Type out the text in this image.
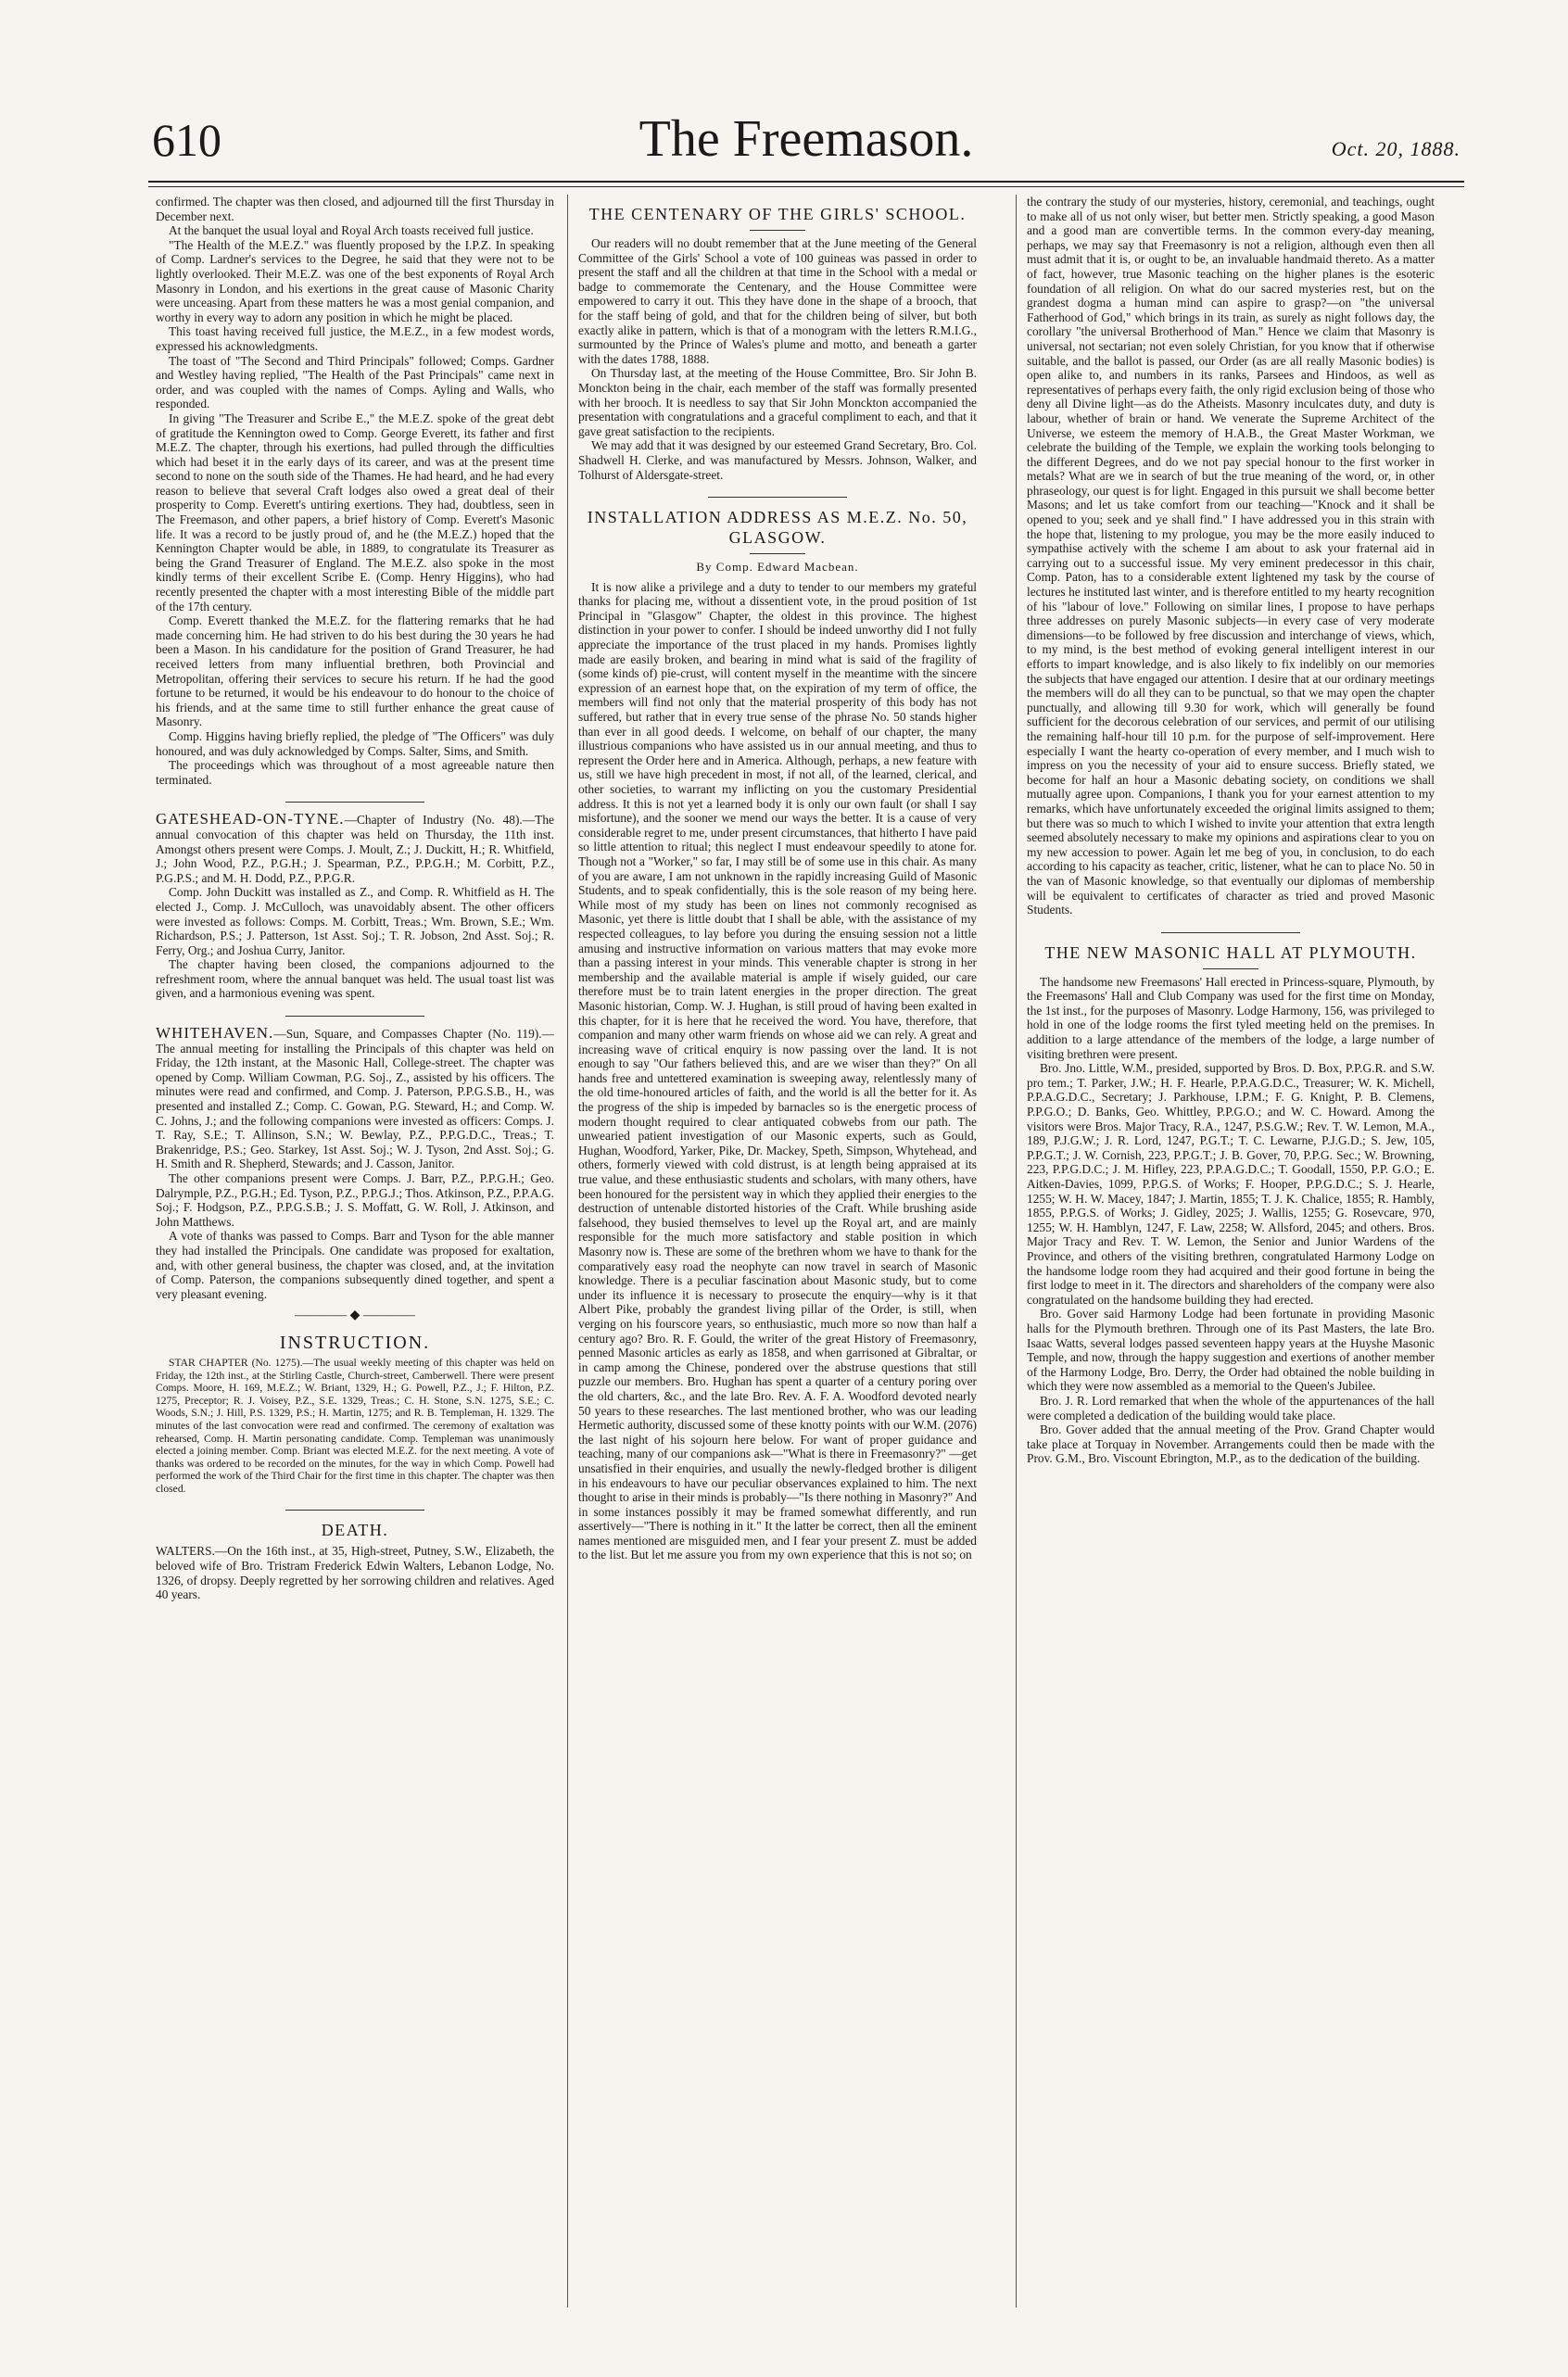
610	The Freemason.	Oct. 20, 1888.

confirmed. The chapter was then closed, and adjourned till the first Thursday in December next.

At the banquet the usual loyal and Royal Arch toasts received full justice.

"The Health of the M.E.Z." was fluently proposed by the I.P.Z. In speaking of Comp. Lardner's services to the Degree, he said that they were not to be lightly overlooked. Their M.E.Z. was one of the best exponents of Royal Arch Masonry in London, and his exertions in the great cause of Masonic Charity were unceasing. Apart from these matters he was a most genial companion, and worthy in every way to adorn any position in which he might be placed.

This toast having received full justice, the M.E.Z., in a few modest words, expressed his acknowledgments.

The toast of "The Second and Third Principals" followed; Comps. Gardner and Westley having replied, "The Health of the Past Principals" came next in order, and was coupled with the names of Comps. Ayling and Walls, who responded.

In giving "The Treasurer and Scribe E.," the M.E.Z. spoke of the great debt of gratitude the Kennington owed to Comp. George Everett, its father and first M.E.Z. The chapter, through his exertions, had pulled through the difficulties which had beset it in the early days of its career, and was at the present time second to none on the south side of the Thames. He had heard, and he had every reason to believe that several Craft lodges also owed a great deal of their prosperity to Comp. Everett's untiring exertions. They had, doubtless, seen in The Freemason, and other papers, a brief history of Comp. Everett's Masonic life. It was a record to be justly proud of, and he (the M.E.Z.) hoped that the Kennington Chapter would be able, in 1889, to congratulate its Treasurer as being the Grand Treasurer of England. The M.E.Z. also spoke in the most kindly terms of their excellent Scribe E. (Comp. Henry Higgins), who had recently presented the chapter with a most interesting Bible of the middle part of the 17th century.

Comp. Everett thanked the M.E.Z. for the flattering remarks that he had made concerning him. He had striven to do his best during the 30 years he had been a Mason. In his candidature for the position of Grand Treasurer, he had received letters from many influential brethren, both Provincial and Metropolitan, offering their services to secure his return. If he had the good fortune to be returned, it would be his endeavour to do honour to the choice of his friends, and at the same time to still further enhance the great cause of Masonry.

Comp. Higgins having briefly replied, the pledge of "The Officers" was duly honoured, and was duly acknowledged by Comps. Salter, Sims, and Smith.

The proceedings which was throughout of a most agreeable nature then terminated.

GATESHEAD-ON-TYNE.—Chapter of Industry (No. 48).—The annual convocation of this chapter was held on Thursday, the 11th inst. Amongst others present were Comps. J. Moult, Z.; J. Duckitt, H.; R. Whitfield, J.; John Wood, P.Z., P.G.H.; J. Spearman, P.Z., P.P.G.H.; M. Corbitt, P.Z., P.G.P.S.; and M. H. Dodd, P.Z., P.P.G.R.

Comp. John Duckitt was installed as Z., and Comp. R. Whitfield as H. The elected J., Comp. J. McCulloch, was unavoidably absent. The other officers were invested as follows: Comps. M. Corbitt, Treas.; Wm. Brown, S.E.; Wm. Richardson, P.S.; J. Patterson, 1st Asst. Soj.; T. R. Jobson, 2nd Asst. Soj.; R. Ferry, Org.; and Joshua Curry, Janitor.

The chapter having been closed, the companions adjourned to the refreshment room, where the annual banquet was held. The usual toast list was given, and a harmonious evening was spent.

WHITEHAVEN.—Sun, Square, and Compasses Chapter (No. 119).—The annual meeting for installing the Principals of this chapter was held on Friday, the 12th instant, at the Masonic Hall, College-street. The chapter was opened by Comp. William Cowman, P.G. Soj., Z., assisted by his officers. The minutes were read and confirmed, and Comp. J. Paterson, P.P.G.S.B., H., was presented and installed Z.; Comp. C. Gowan, P.G. Steward, H.; and Comp. W. C. Johns, J.; and the following companions were invested as officers: Comps. J. T. Ray, S.E.; T. Allinson, S.N.; W. Bewlay, P.Z., P.P.G.D.C., Treas.; T. Brakenridge, P.S.; Geo. Starkey, 1st Asst. Soj.; W. J. Tyson, 2nd Asst. Soj.; G. H. Smith and R. Shepherd, Stewards; and J. Casson, Janitor.

The other companions present were Comps. J. Barr, P.Z., P.P.G.H.; Geo. Dalrymple, P.Z., P.G.H.; Ed. Tyson, P.Z., P.P.G.J.; Thos. Atkinson, P.Z., P.P.A.G. Soj.; F. Hodgson, P.Z., P.P.G.S.B.; J. S. Moffatt, G. W. Roll, J. Atkinson, and John Matthews.

A vote of thanks was passed to Comps. Barr and Tyson for the able manner they had installed the Principals. One candidate was proposed for exaltation, and, with other general business, the chapter was closed, and, at the invitation of Comp. Paterson, the companions subsequently dined together, and spent a very pleasant evening.

———— ◆ ————
INSTRUCTION.

STAR CHAPTER (No. 1275).—The usual weekly meeting of this chapter was held on Friday, the 12th inst., at the Stirling Castle, Church-street, Camberwell. There were present Comps. Moore, H. 169, M.E.Z.; W. Briant, 1329, H.; G. Powell, P.Z., J.; F. Hilton, P.Z. 1275, Preceptor; R. J. Voisey, P.Z., S.E. 1329, Treas.; C. H. Stone, S.N. 1275, S.E.; C. Woods, S.N.; J. Hill, P.S. 1329, P.S.; H. Martin, 1275; and R. B. Templeman, H. 1329. The minutes of the last convocation were read and confirmed. The ceremony of exaltation was rehearsed, Comp. H. Martin personating candidate. Comp. Templeman was unanimously elected a joining member. Comp. Briant was elected M.E.Z. for the next meeting. A vote of thanks was ordered to be recorded on the minutes, for the way in which Comp. Powell had performed the work of the Third Chair for the first time in this chapter. The chapter was then closed.

DEATH.

WALTERS.—On the 16th inst., at 35, High-street, Putney, S.W., Elizabeth, the beloved wife of Bro. Tristram Frederick Edwin Walters, Lebanon Lodge, No. 1326, of dropsy. Deeply regretted by her sorrowing children and relatives. Aged 40 years.

THE CENTENARY OF THE GIRLS' SCHOOL.

Our readers will no doubt remember that at the June meeting of the General Committee of the Girls' School a vote of 100 guineas was passed in order to present the staff and all the children at that time in the School with a medal or badge to commemorate the Centenary, and the House Committee were empowered to carry it out. This they have done in the shape of a brooch, that for the staff being of gold, and that for the children being of silver, but both exactly alike in pattern, which is that of a monogram with the letters R.M.I.G., surmounted by the Prince of Wales's plume and motto, and beneath a garter with the dates 1788, 1888.

On Thursday last, at the meeting of the House Committee, Bro. Sir John B. Monckton being in the chair, each member of the staff was formally presented with her brooch. It is needless to say that Sir John Monckton accompanied the presentation with congratulations and a graceful compliment to each, and that it gave great satisfaction to the recipients.

We may add that it was designed by our esteemed Grand Secretary, Bro. Col. Shadwell H. Clerke, and was manufactured by Messrs. Johnson, Walker, and Tolhurst of Aldersgate-street.

INSTALLATION ADDRESS AS M.E.Z. No. 50, GLASGOW.
By Comp. Edward Macbean.

It is now alike a privilege and a duty to tender to our members my grateful thanks for placing me, without a dissentient vote, in the proud position of 1st Principal in "Glasgow" Chapter, the oldest in this province. The highest distinction in your power to confer. I should be indeed unworthy did I not fully appreciate the importance of the trust placed in my hands. Promises lightly made are easily broken, and bearing in mind what is said of the fragility of (some kinds of) pie-crust, will content myself in the meantime with the sincere expression of an earnest hope that, on the expiration of my term of office, the members will find not only that the material prosperity of this body has not suffered, but rather that in every true sense of the phrase No. 50 stands higher than ever in all good deeds. I welcome, on behalf of our chapter, the many illustrious companions who have assisted us in our annual meeting, and thus to represent the Order here and in America. Although, perhaps, a new feature with us, still we have high precedent in most, if not all, of the learned, clerical, and other societies, to warrant my inflicting on you the customary Presidential address. It this is not yet a learned body it is only our own fault (or shall I say misfortune), and the sooner we mend our ways the better. It is a cause of very considerable regret to me, under present circumstances, that hitherto I have paid so little attention to ritual; this neglect I must endeavour speedily to atone for. Though not a "Worker," so far, I may still be of some use in this chair. As many of you are aware, I am not unknown in the rapidly increasing Guild of Masonic Students, and to speak confidentially, this is the sole reason of my being here. While most of my study has been on lines not commonly recognised as Masonic, yet there is little doubt that I shall be able, with the assistance of my respected colleagues, to lay before you during the ensuing session not a little amusing and instructive information on various matters that may evoke more than a passing interest in your minds. This venerable chapter is strong in her membership and the available material is ample if wisely guided, our care therefore must be to train latent energies in the proper direction. The great Masonic historian, Comp. W. J. Hughan, is still proud of having been exalted in this chapter, for it is here that he received the word. You have, therefore, that companion and many other warm friends on whose aid we can rely. A great and increasing wave of critical enquiry is now passing over the land. It is not enough to say "Our fathers believed this, and are we wiser than they?" On all hands free and untettered examination is sweeping away, relentlessly many of the old time-honoured articles of faith, and the world is all the better for it. As the progress of the ship is impeded by barnacles so is the energetic process of modern thought required to clear antiquated cobwebs from our path. The unwearied patient investigation of our Masonic experts, such as Gould, Hughan, Woodford, Yarker, Pike, Dr. Mackey, Speth, Simpson, Whytehead, and others, formerly viewed with cold distrust, is at length being appraised at its true value, and these enthusiastic students and scholars, with many others, have been honoured for the persistent way in which they applied their energies to the destruction of untenable distorted histories of the Craft. While brushing aside falsehood, they busied themselves to level up the Royal art, and are mainly responsible for the much more satisfactory and stable position in which Masonry now is. These are some of the brethren whom we have to thank for the comparatively easy road the neophyte can now travel in search of Masonic knowledge. There is a peculiar fascination about Masonic study, but to come under its influence it is necessary to prosecute the enquiry—why is it that Albert Pike, probably the grandest living pillar of the Order, is still, when verging on his fourscore years, so enthusiastic, much more so now than half a century ago? Bro. R. F. Gould, the writer of the great History of Freemasonry, penned Masonic articles as early as 1858, and when garrisoned at Gibraltar, or in camp among the Chinese, pondered over the abstruse questions that still puzzle our members. Bro. Hughan has spent a quarter of a century poring over the old charters, &c., and the late Bro. Rev. A. F. A. Woodford devoted nearly 50 years to these researches. The last mentioned brother, who was our leading Hermetic authority, discussed some of these knotty points with our W.M. (2076) the last night of his sojourn here below. For want of proper guidance and teaching, many of our companions ask—"What is there in Freemasonry?" —get unsatisfied in their enquiries, and usually the newly-fledged brother is diligent in his endeavours to have our peculiar observances explained to him. The next thought to arise in their minds is probably—"Is there nothing in Masonry?" And in some instances possibly it may be framed somewhat differently, and run assertively—"There is nothing in it." It the latter be correct, then all the eminent names mentioned are misguided men, and I fear your present Z. must be added to the list. But let me assure you from my own experience that this is not so; on

the contrary the study of our mysteries, history, ceremonial, and teachings, ought to make all of us not only wiser, but better men. Strictly speaking, a good Mason and a good man are convertible terms. In the common every-day meaning, perhaps, we may say that Freemasonry is not a religion, although even then all must admit that it is, or ought to be, an invaluable handmaid thereto. As a matter of fact, however, true Masonic teaching on the higher planes is the esoteric foundation of all religion. On what do our sacred mysteries rest, but on the grandest dogma a human mind can aspire to grasp?—on "the universal Fatherhood of God," which brings in its train, as surely as night follows day, the corollary "the universal Brotherhood of Man." Hence we claim that Masonry is universal, not sectarian; not even solely Christian, for you know that if otherwise suitable, and the ballot is passed, our Order (as are all really Masonic bodies) is open alike to, and numbers in its ranks, Parsees and Hindoos, as well as representatives of perhaps every faith, the only rigid exclusion being of those who deny all Divine light—as do the Atheists. Masonry inculcates duty, and duty is labour, whether of brain or hand. We venerate the Supreme Architect of the Universe, we esteem the memory of H.A.B., the Great Master Workman, we celebrate the building of the Temple, we explain the working tools belonging to the different Degrees, and do we not pay special honour to the first worker in metals? What are we in search of but the true meaning of the word, or, in other phraseology, our quest is for light. Engaged in this pursuit we shall become better Masons; and let us take comfort from our teaching—"Knock and it shall be opened to you; seek and ye shall find." I have addressed you in this strain with the hope that, listening to my prologue, you may be the more easily induced to sympathise actively with the scheme I am about to ask your fraternal aid in carrying out to a successful issue. My very eminent predecessor in this chair, Comp. Paton, has to a considerable extent lightened my task by the course of lectures he instituted last winter, and is therefore entitled to my hearty recognition of his "labour of love." Following on similar lines, I propose to have perhaps three addresses on purely Masonic subjects—in every case of very moderate dimensions—to be followed by free discussion and interchange of views, which, to my mind, is the best method of evoking general intelligent interest in our efforts to impart knowledge, and is also likely to fix indelibly on our memories the subjects that have engaged our attention. I desire that at our ordinary meetings the members will do all they can to be punctual, so that we may open the chapter punctually, and allowing till 9.30 for work, which will generally be found sufficient for the decorous celebration of our services, and permit of our utilising the remaining half-hour till 10 p.m. for the purpose of self-improvement. Here especially I want the hearty co-operation of every member, and I much wish to impress on you the necessity of your aid to ensure success. Briefly stated, we become for half an hour a Masonic debating society, on conditions we shall mutually agree upon. Companions, I thank you for your earnest attention to my remarks, which have unfortunately exceeded the original limits assigned to them; but there was so much to which I wished to invite your attention that extra length seemed absolutely necessary to make my opinions and aspirations clear to you on my new accession to power. Again let me beg of you, in conclusion, to do each according to his capacity as teacher, critic, listener, what he can to place No. 50 in the van of Masonic knowledge, so that eventually our diplomas of membership will be equivalent to certificates of character as tried and proved Masonic Students.

THE NEW MASONIC HALL AT PLYMOUTH.

The handsome new Freemasons' Hall erected in Princess-square, Plymouth, by the Freemasons' Hall and Club Company was used for the first time on Monday, the 1st inst., for the purposes of Masonry. Lodge Harmony, 156, was privileged to hold in one of the lodge rooms the first tyled meeting held on the premises. In addition to a large attendance of the members of the lodge, a large number of visiting brethren were present.

Bro. Jno. Little, W.M., presided, supported by Bros. D. Box, P.P.G.R. and S.W. pro tem.; T. Parker, J.W.; H. F. Hearle, P.P.A.G.D.C., Treasurer; W. K. Michell, P.P.A.G.D.C., Secretary; J. Parkhouse, I.P.M.; F. G. Knight, P. B. Clemens, P.P.G.O.; D. Banks, Geo. Whittley, P.P.G.O.; and W. C. Howard. Among the visitors were Bros. Major Tracy, R.A., 1247, P.S.G.W.; Rev. T. W. Lemon, M.A., 189, P.J.G.W.; J. R. Lord, 1247, P.G.T.; T. C. Lewarne, P.J.G.D.; S. Jew, 105, P.P.G.T.; J. W. Cornish, 223, P.P.G.T.; J. B. Gover, 70, P.P.G. Sec.; W. Browning, 223, P.P.G.D.C.; J. M. Hifley, 223, P.P.A.G.D.C.; T. Goodall, 1550, P.P. G.O.; E. Aitken-Davies, 1099, P.P.G.S. of Works; F. Hooper, P.P.G.D.C.; S. J. Hearle, 1255; W. H. W. Macey, 1847; J. Martin, 1855; T. J. K. Chalice, 1855; R. Hambly, 1855, P.P.G.S. of Works; J. Gidley, 2025; J. Wallis, 1255; G. Rosevcare, 970, 1255; W. H. Hamblyn, 1247, F. Law, 2258; W. Allsford, 2045; and others. Bros. Major Tracy and Rev. T. W. Lemon, the Senior and Junior Wardens of the Province, and others of the visiting brethren, congratulated Harmony Lodge on the handsome lodge room they had acquired and their good fortune in being the first lodge to meet in it. The directors and shareholders of the company were also congratulated on the handsome building they had erected.

Bro. Gover said Harmony Lodge had been fortunate in providing Masonic halls for the Plymouth brethren. Through one of its Past Masters, the late Bro. Isaac Watts, several lodges passed seventeen happy years at the Huyshe Masonic Temple, and now, through the happy suggestion and exertions of another member of the Harmony Lodge, Bro. Derry, the Order had obtained the noble building in which they were now assembled as a memorial to the Queen's Jubilee.

Bro. J. R. Lord remarked that when the whole of the appurtenances of the hall were completed a dedication of the building would take place.

Bro. Gover added that the annual meeting of the Prov. Grand Chapter would take place at Torquay in November. Arrangements could then be made with the Prov. G.M., Bro. Viscount Ebrington, M.P., as to the dedication of the building.
